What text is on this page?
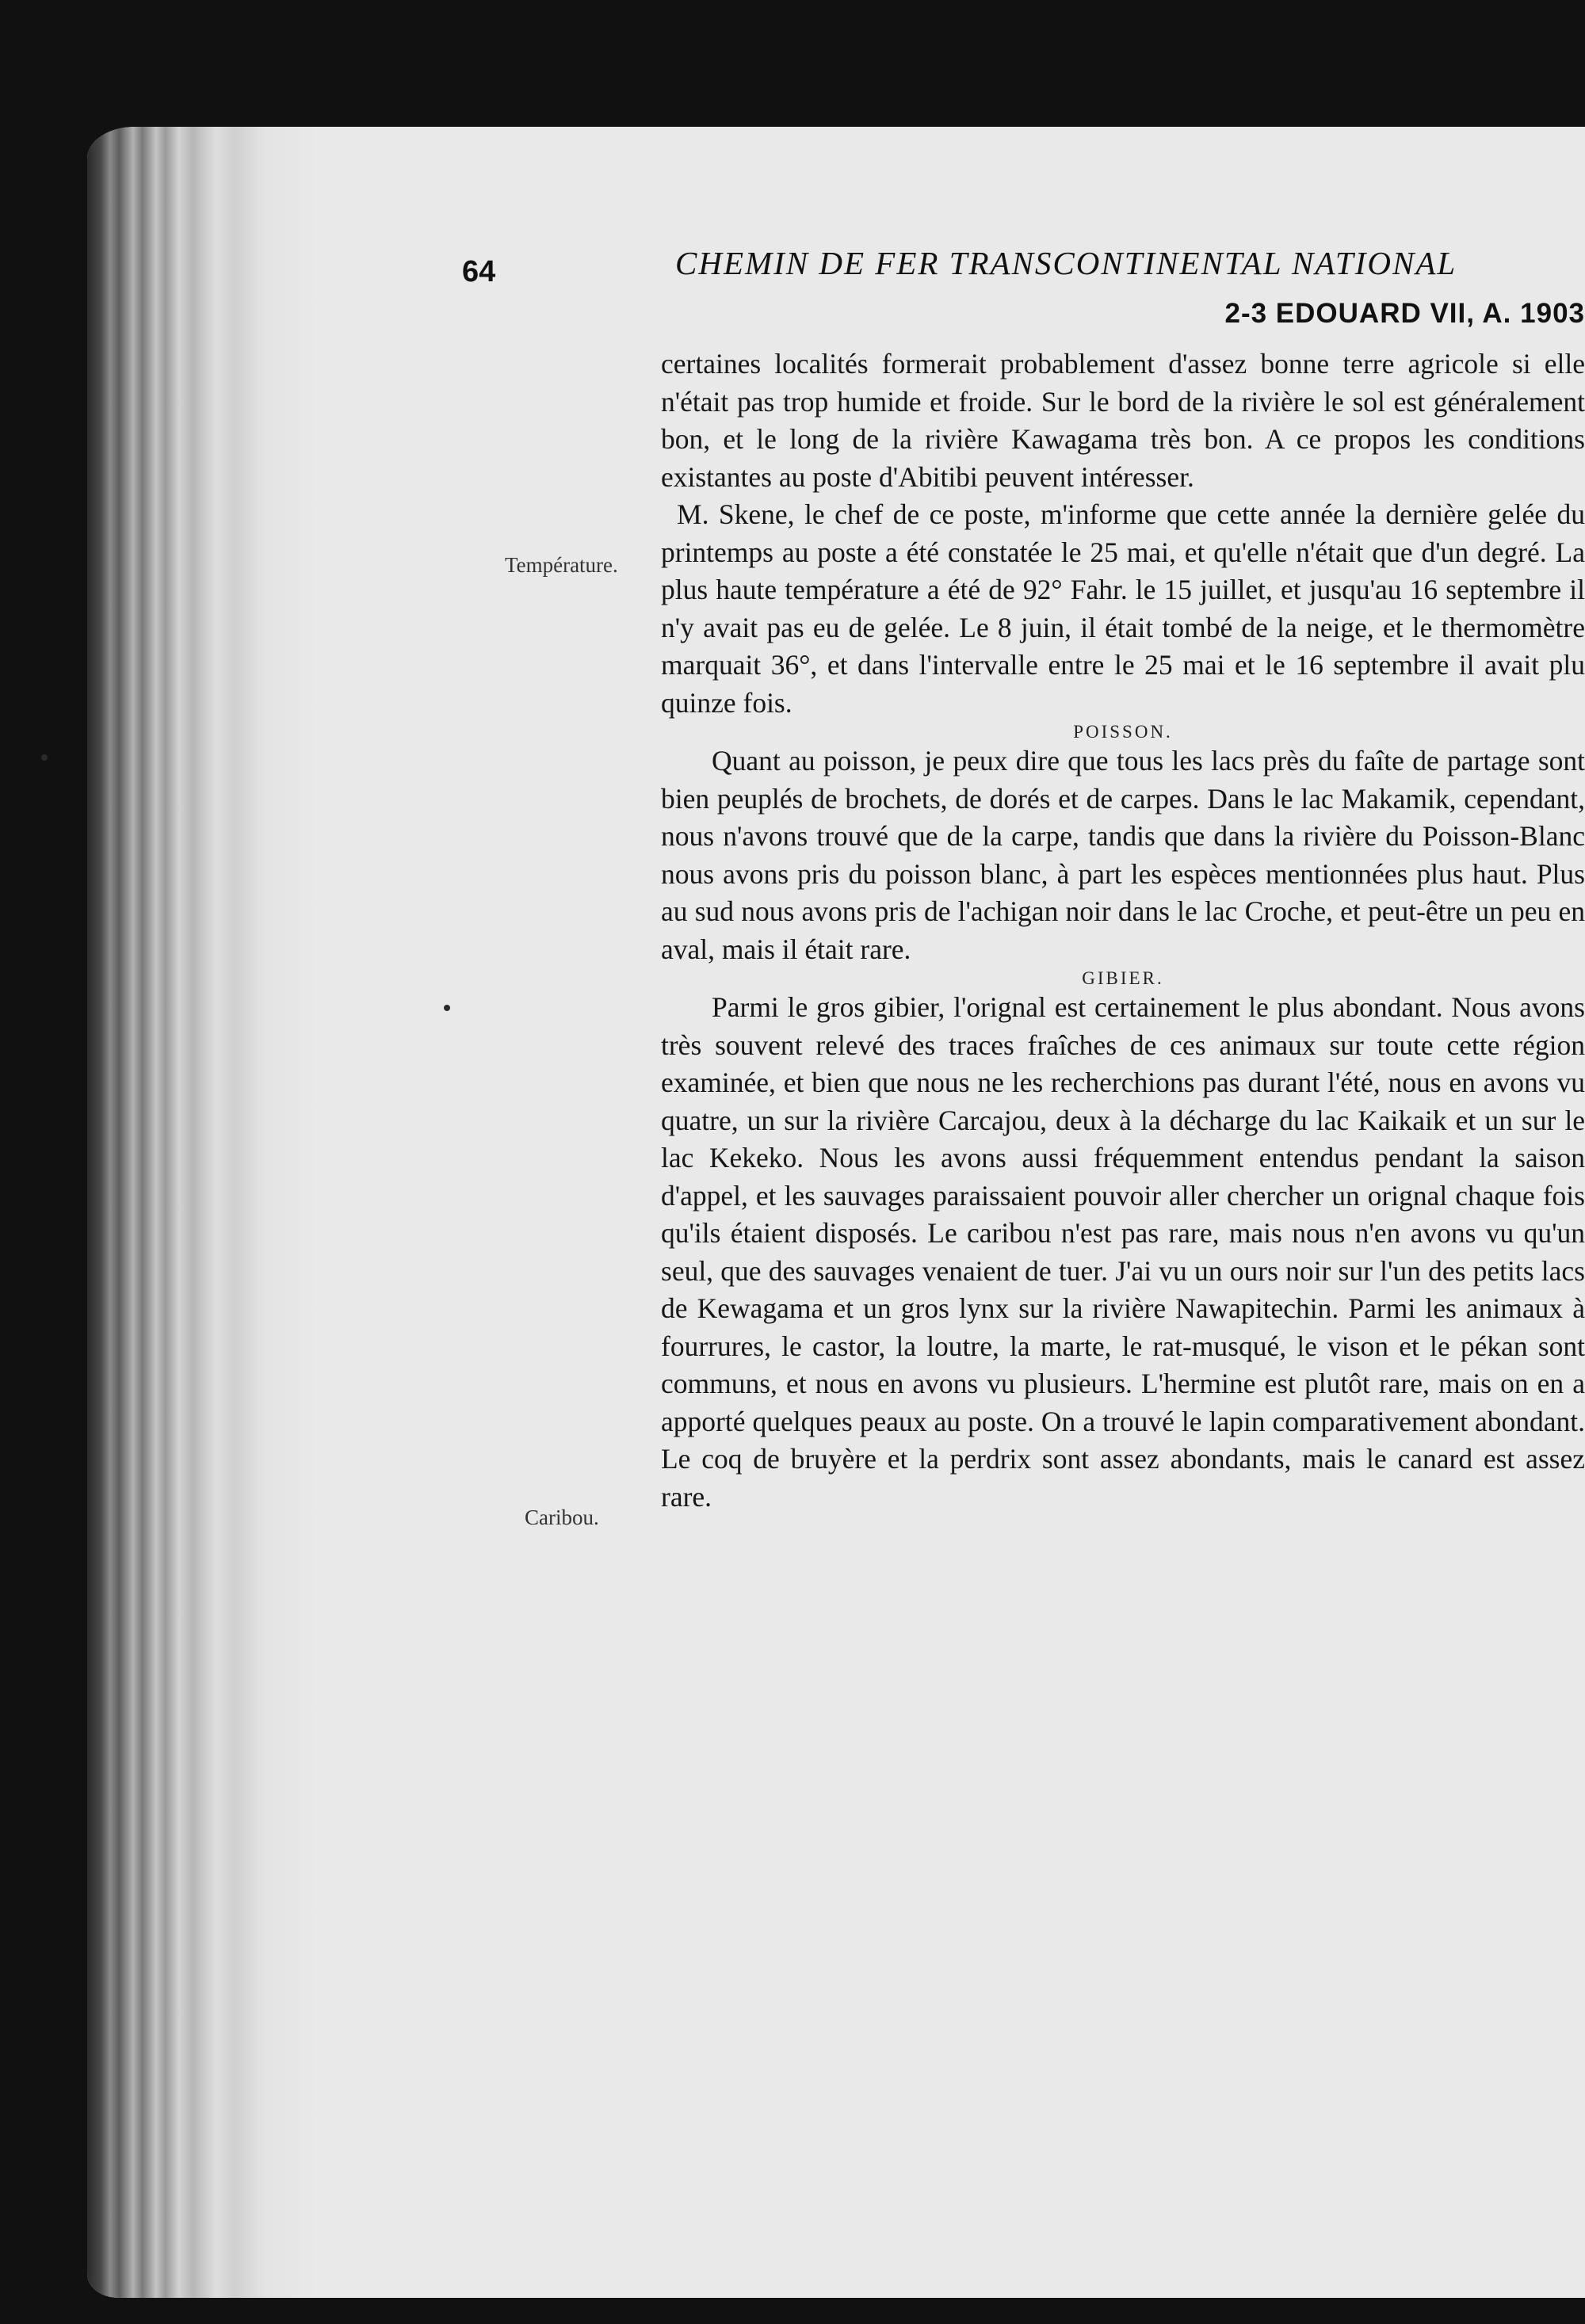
64	CHEMIN DE FER TRANSCONTINENTAL NATIONAL
2-3 EDOUARD VII, A. 1903
Température.
Caribou.

certaines localités formerait probablement d'assez bonne terre agricole si elle n'était pas trop humide et froide. Sur le bord de la rivière le sol est généralement bon, et le long de la rivière Kawagama très bon. A ce propos les conditions existantes au poste d'Abitibi peuvent intéresser.

M. Skene, le chef de ce poste, m'informe que cette année la dernière gelée du printemps au poste a été constatée le 25 mai, et qu'elle n'était que d'un degré. La plus haute température a été de 92° Fahr. le 15 juillet, et jusqu'au 16 septembre il n'y avait pas eu de gelée. Le 8 juin, il était tombé de la neige, et le thermomètre marquait 36°, et dans l'intervalle entre le 25 mai et le 16 septembre il avait plu quinze fois.

POISSON.

Quant au poisson, je peux dire que tous les lacs près du faîte de partage sont bien peuplés de brochets, de dorés et de carpes. Dans le lac Makamik, cependant, nous n'avons trouvé que de la carpe, tandis que dans la rivière du Poisson-Blanc nous avons pris du poisson blanc, à part les espèces mentionnées plus haut. Plus au sud nous avons pris de l'achigan noir dans le lac Croche, et peut-être un peu en aval, mais il était rare.

GIBIER.

Parmi le gros gibier, l'orignal est certainement le plus abondant. Nous avons très souvent relevé des traces fraîches de ces animaux sur toute cette région examinée, et bien que nous ne les recherchions pas durant l'été, nous en avons vu quatre, un sur la rivière Carcajou, deux à la décharge du lac Kaikaik et un sur le lac Kekeko. Nous les avons aussi fréquemment entendus pendant la saison d'appel, et les sauvages paraissaient pouvoir aller chercher un orignal chaque fois qu'ils étaient disposés. Le caribou n'est pas rare, mais nous n'en avons vu qu'un seul, que des sauvages venaient de tuer. J'ai vu un ours noir sur l'un des petits lacs de Kewagama et un gros lynx sur la rivière Nawapitechin. Parmi les animaux à fourrures, le castor, la loutre, la marte, le rat-musqué, le vison et le pékan sont communs, et nous en avons vu plusieurs. L'hermine est plutôt rare, mais on en a apporté quelques peaux au poste. On a trouvé le lapin comparativement abondant. Le coq de bruyère et la perdrix sont assez abondants, mais le canard est assez rare.
